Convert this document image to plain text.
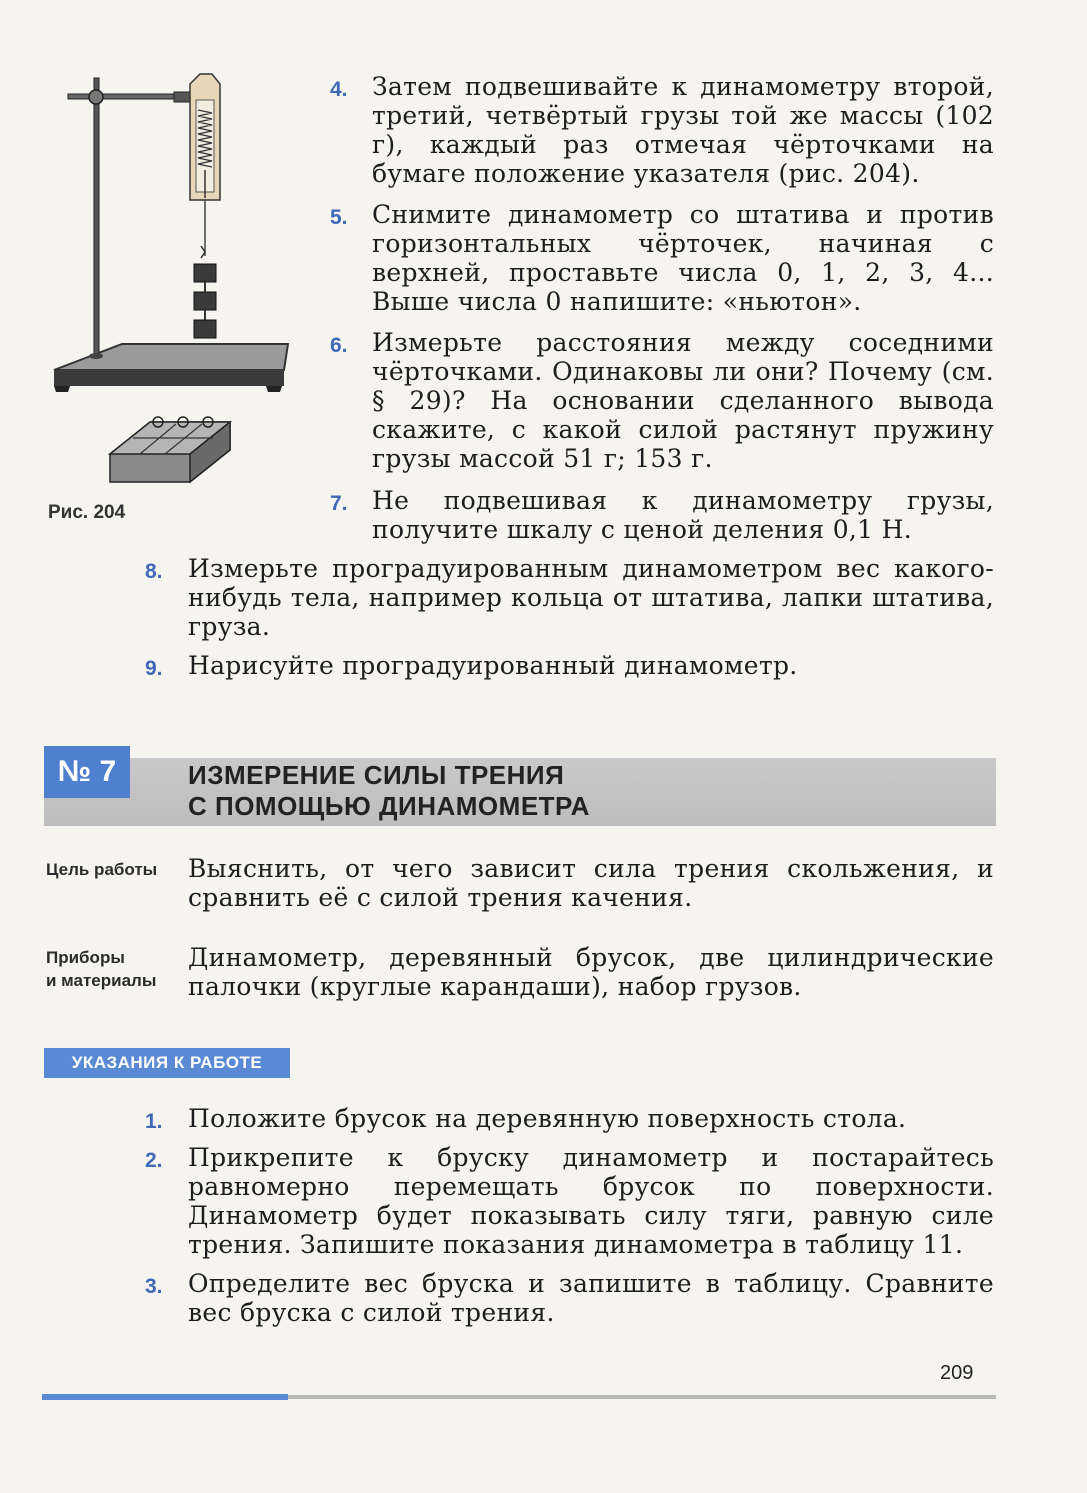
Рис. 204
4. Затем подвешивайте к динамометру второй, третий, четвёртый грузы той же массы (102 г), каждый раз отмечая чёрточками на бумаге положение указателя (рис. 204).
5. Снимите динамометр со штатива и против горизонтальных чёрточек, начиная с верхней, проставьте числа 0, 1, 2, 3, 4... Выше числа 0 напишите: «ньютон».
6. Измерьте расстояния между соседними чёрточками. Одинаковы ли они? Почему (см. § 29)? На основании сделанного вывода скажите, с какой силой растянут пружину грузы массой 51 г; 153 г.
7. Не подвешивая к динамометру грузы, получите шкалу с ценой деления 0,1 Н.
8. Измерьте проградуированным динамометром вес какого-нибудь тела, например кольца от штатива, лапки штатива, груза.
9. Нарисуйте проградуированный динамометр.
№ 7	ИЗМЕРЕНИЕ СИЛЫ ТРЕНИЯ
С ПОМОЩЬЮ ДИНАМОМЕТРА
Цель работы Выяснить, от чего зависит сила трения скольжения, и сравнить её с силой трения качения.
Приборы
и материалы
Динамометр, деревянный брусок, две цилиндрические палочки (круглые карандаши), набор грузов.
УКАЗАНИЯ К РАБОТЕ
1. Положите брусок на деревянную поверхность стола.
2. Прикрепите к бруску динамометр и постарайтесь равномерно перемещать брусок по поверхности. Динамометр будет показывать силу тяги, равную силе трения. Запишите показания динамометра в таблицу 11.
3. Определите вес бруска и запишите в таблицу. Сравните вес бруска с силой трения.
209
